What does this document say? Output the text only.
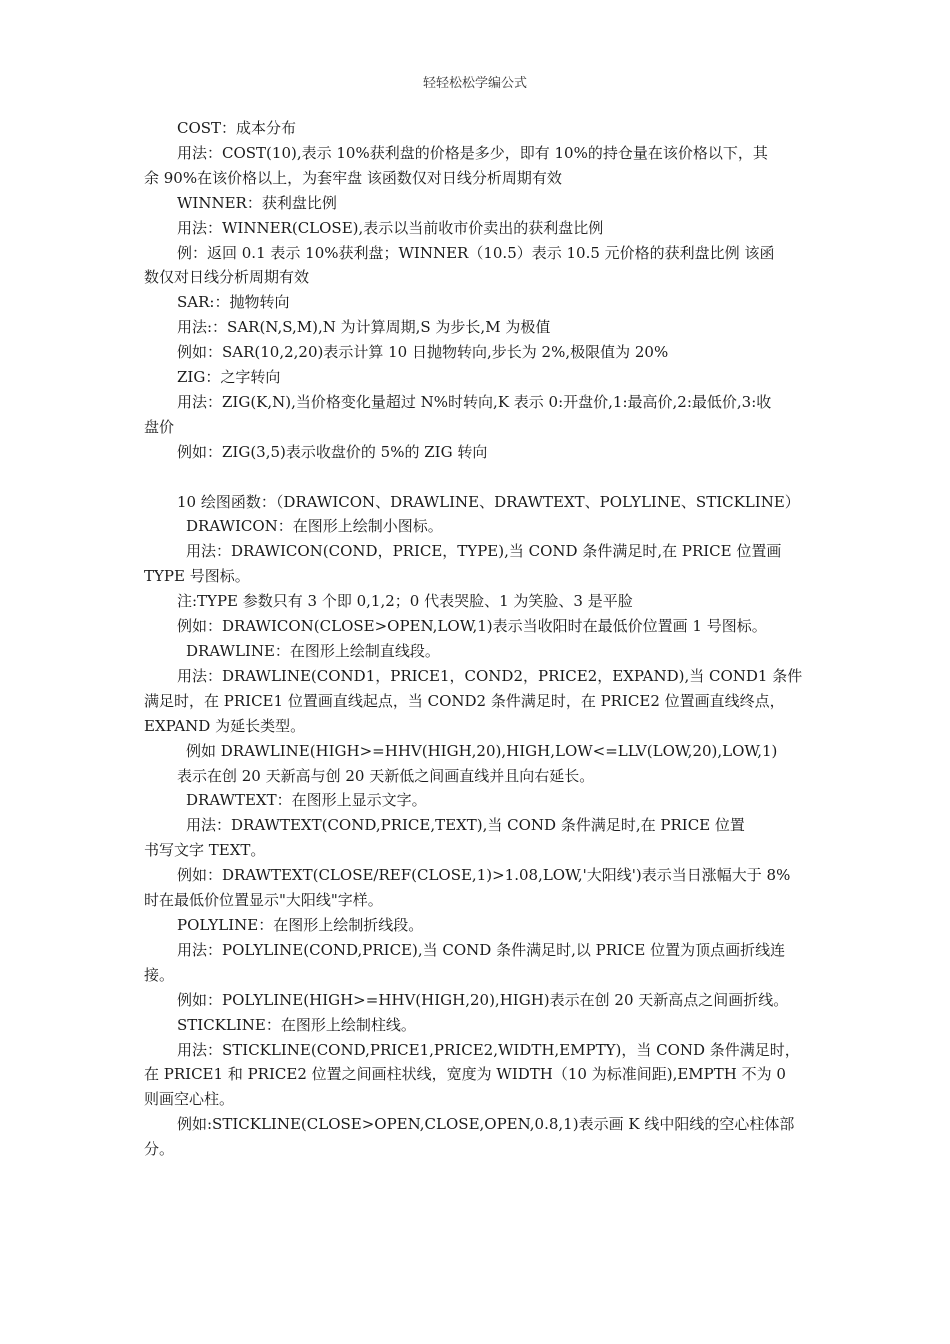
轻轻松松学编公式

COST：成本分布

用法：COST(10),表示 10%获利盘的价格是多少，即有 10%的持仓量在该价格以下，其

余 90%在该价格以上，为套牢盘 该函数仅对日线分析周期有效

WINNER：获利盘比例

用法：WINNER(CLOSE),表示以当前收市价卖出的获利盘比例

例：返回 0.1 表示 10%获利盘；WINNER（10.5）表示 10.5 元价格的获利盘比例 该函

数仅对日线分析周期有效

SAR:：抛物转向

用法:：SAR(N,S,M),N 为计算周期,S 为步长,M 为极值

例如：SAR(10,2,20)表示计算 10 日抛物转向,步长为 2%,极限值为 20%

ZIG：之字转向

用法：ZIG(K,N),当价格变化量超过 N%时转向,K 表示 0:开盘价,1:最高价,2:最低价,3:收

盘价

例如：ZIG(3,5)表示收盘价的 5%的 ZIG 转向

10 绘图函数：（DRAWICON、DRAWLINE、DRAWTEXT、POLYLINE、STICKLINE）

DRAWICON：在图形上绘制小图标。

用法：DRAWICON(COND，PRICE，TYPE),当 COND 条件满足时,在 PRICE 位置画

TYPE 号图标。

注:TYPE 参数只有 3 个即 0,1,2；0 代表哭脸、1 为笑脸、3 是平脸

例如：DRAWICON(CLOSE>OPEN,LOW,1)表示当收阳时在最低价位置画 1 号图标。

DRAWLINE：在图形上绘制直线段。

用法：DRAWLINE(COND1，PRICE1，COND2，PRICE2，EXPAND),当 COND1 条件

满足时，在 PRICE1 位置画直线起点，当 COND2 条件满足时，在 PRICE2 位置画直线终点，

EXPAND 为延长类型。

例如 DRAWLINE(HIGH>=HHV(HIGH,20),HIGH,LOW<=LLV(LOW,20),LOW,1)

表示在创 20 天新高与创 20 天新低之间画直线并且向右延长。

DRAWTEXT：在图形上显示文字。

用法：DRAWTEXT(COND,PRICE,TEXT),当 COND 条件满足时,在 PRICE 位置

书写文字 TEXT。

例如：DRAWTEXT(CLOSE/REF(CLOSE,1)>1.08,LOW,'大阳线')表示当日涨幅大于 8%

时在最低价位置显示"大阳线"字样。

POLYLINE：在图形上绘制折线段。

用法：POLYLINE(COND,PRICE),当 COND 条件满足时,以 PRICE 位置为顶点画折线连

接。

例如：POLYLINE(HIGH>=HHV(HIGH,20),HIGH)表示在创 20 天新高点之间画折线。

STICKLINE：在图形上绘制柱线。

用法：STICKLINE(COND,PRICE1,PRICE2,WIDTH,EMPTY)，当 COND 条件满足时，

在 PRICE1 和 PRICE2 位置之间画柱状线，宽度为 WIDTH（10 为标准间距),EMPTH 不为 0

则画空心柱。

例如:STICKLINE(CLOSE>OPEN,CLOSE,OPEN,0.8,1)表示画 K 线中阳线的空心柱体部

分。
